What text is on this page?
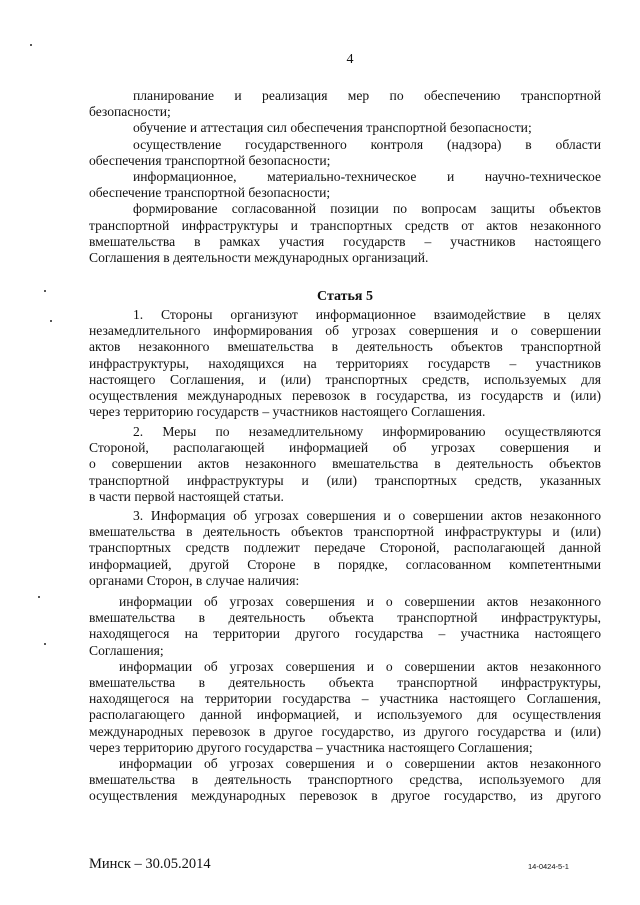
4
планирование и реализация мер по обеспечению транспортной
безопасности;
обучение и аттестация сил обеспечения транспортной безопасности;
осуществление государственного контроля (надзора) в области
обеспечения транспортной безопасности;
информационное, материально-техническое и научно-техническое
обеспечение транспортной безопасности;
формирование согласованной позиции по вопросам защиты объектов
транспортной инфраструктуры и транспортных средств от актов незаконного
вмешательства в рамках участия государств – участников настоящего
Соглашения в деятельности международных организаций.
Статья 5
1. Стороны организуют информационное взаимодействие в целях
незамедлительного информирования об угрозах совершения и о совершении
актов незаконного вмешательства в деятельность объектов транспортной
инфраструктуры, находящихся на территориях государств – участников
настоящего Соглашения, и (или) транспортных средств, используемых для
осуществления международных перевозок в государства, из государств и (или)
через территорию государств – участников настоящего Соглашения.
2. Меры по незамедлительному информированию осуществляются
Стороной, располагающей информацией об угрозах совершения и
о совершении актов незаконного вмешательства в деятельность объектов
транспортной инфраструктуры и (или) транспортных средств, указанных
в части первой настоящей статьи.
3. Информация об угрозах совершения и о совершении актов незаконного
вмешательства в деятельность объектов транспортной инфраструктуры и (или)
транспортных средств подлежит передаче Стороной, располагающей данной
информацией, другой Стороне в порядке, согласованном компетентными
органами Сторон, в случае наличия:
информации об угрозах совершения и о совершении актов незаконного
вмешательства в деятельность объекта транспортной инфраструктуры,
находящегося на территории другого государства – участника настоящего
Соглашения;
информации об угрозах совершения и о совершении актов незаконного
вмешательства в деятельность объекта транспортной инфраструктуры,
находящегося на территории государства – участника настоящего Соглашения,
располагающего данной информацией, и используемого для осуществления
международных перевозок в другое государство, из другого государства и (или)
через территорию другого государства – участника настоящего Соглашения;
информации об угрозах совершения и о совершении актов незаконного
вмешательства в деятельность транспортного средства, используемого для
осуществления международных перевозок в другое государство, из другого
Минск – 30.05.2014	14-0424-5-1
